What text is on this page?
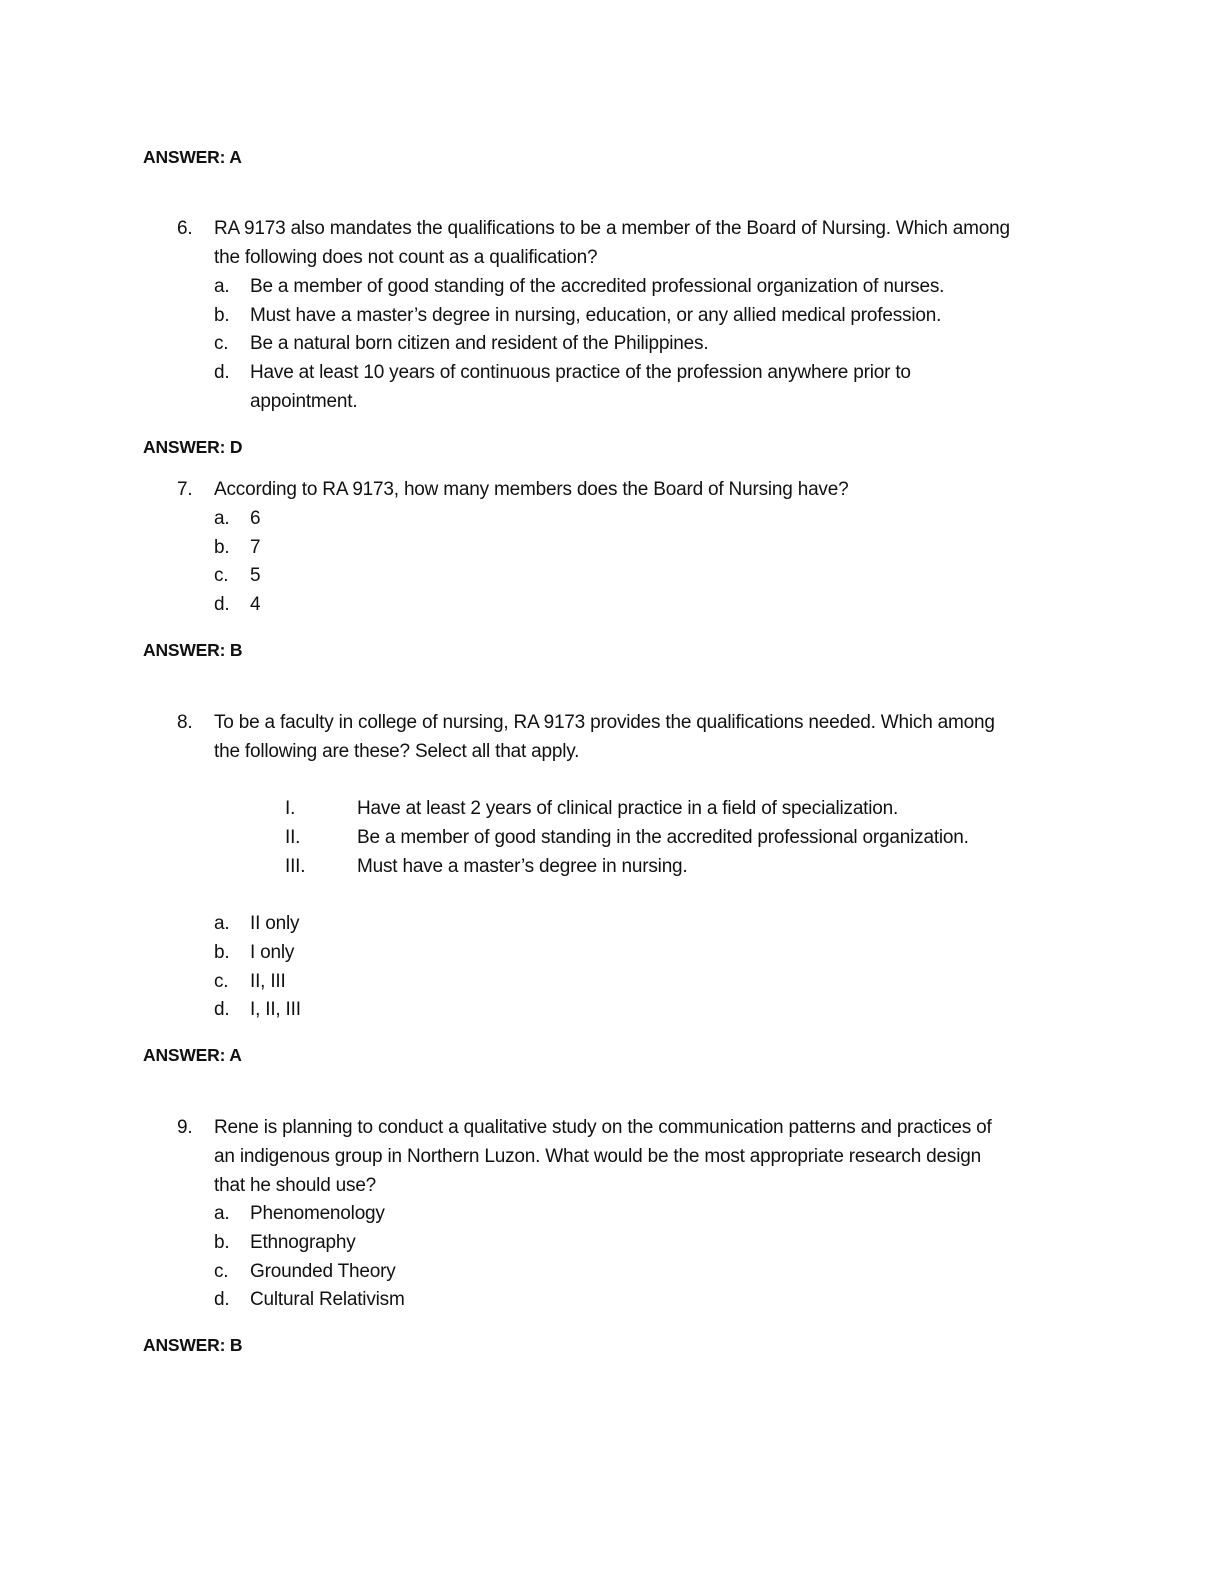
ANSWER: A
6. RA 9173 also mandates the qualifications to be a member of the Board of Nursing. Which among
the following does not count as a qualification?
a. Be a member of good standing of the accredited professional organization of nurses.
b. Must have a master’s degree in nursing, education, or any allied medical profession.
c. Be a natural born citizen and resident of the Philippines.
d. Have at least 10 years of continuous practice of the profession anywhere prior to
appointment.
ANSWER: D
7. According to RA 9173, how many members does the Board of Nursing have?
a. 6
b. 7
c. 5
d. 4
ANSWER: B
8. To be a faculty in college of nursing, RA 9173 provides the qualifications needed. Which among
the following are these? Select all that apply.
I.	Have at least 2 years of clinical practice in a field of specialization.
II.	Be a member of good standing in the accredited professional organization.
III.	Must have a master’s degree in nursing.
a. II only
b. I only
c. II, III
d. I, II, III
ANSWER: A
9. Rene is planning to conduct a qualitative study on the communication patterns and practices of
an indigenous group in Northern Luzon. What would be the most appropriate research design
that he should use?
a. Phenomenology
b. Ethnography
c. Grounded Theory
d. Cultural Relativism
ANSWER: B
